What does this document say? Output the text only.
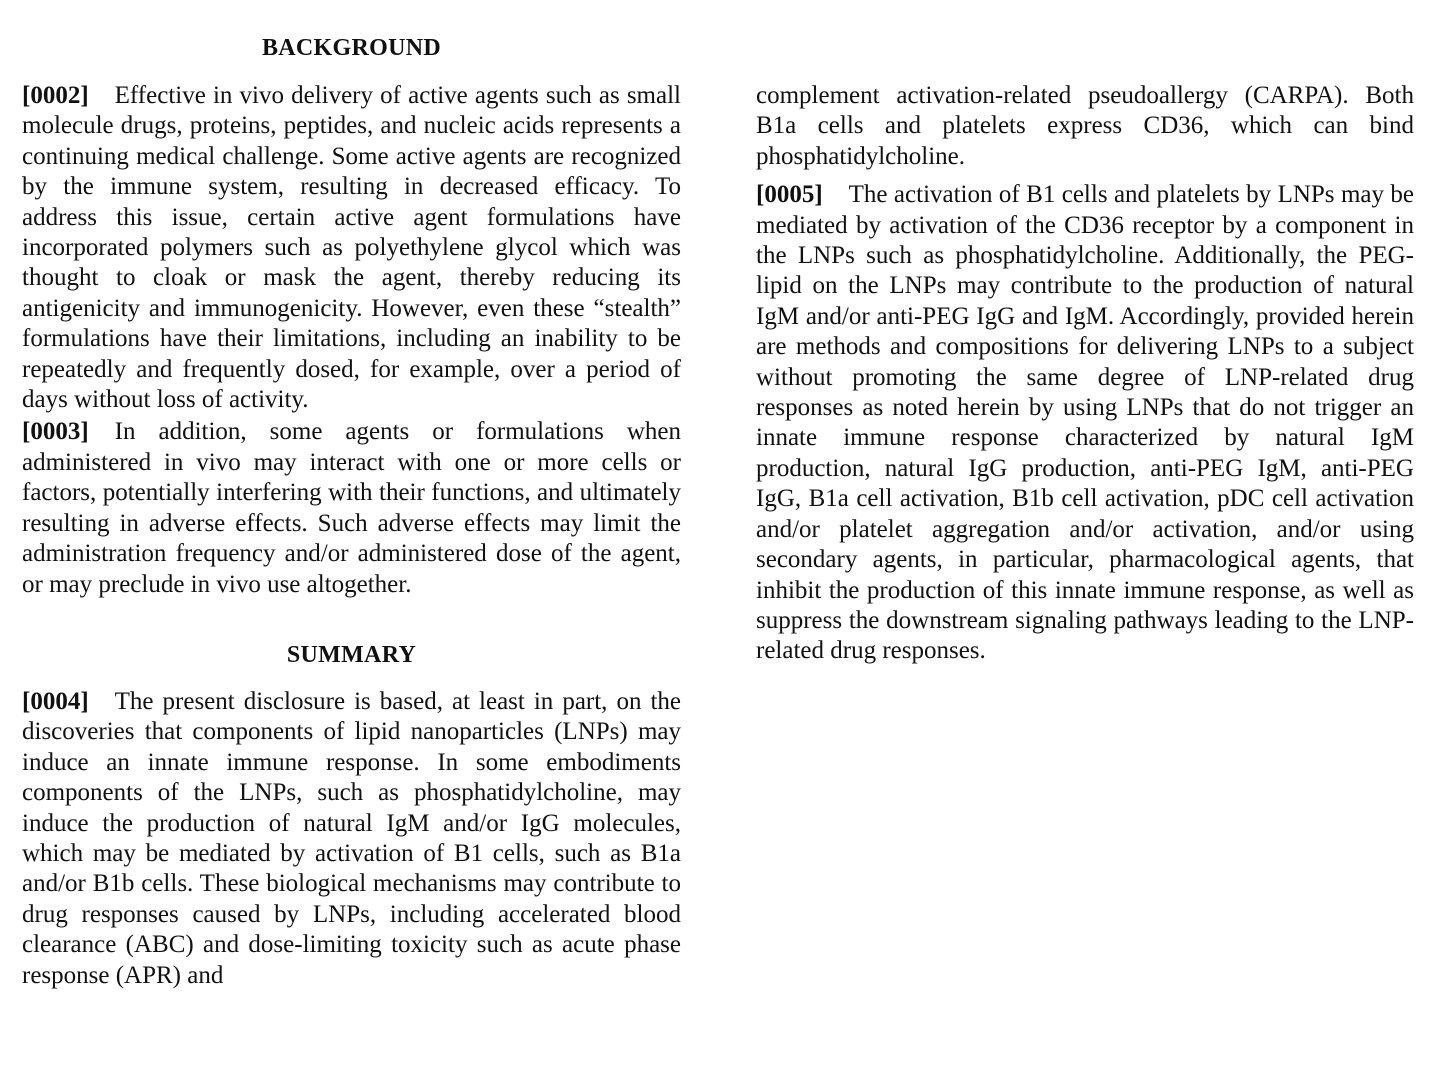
BACKGROUND

[0002] Effective in vivo delivery of active agents such as small molecule drugs, proteins, peptides, and nucleic acids represents a continuing medical challenge. Some active agents are recognized by the immune system, resulting in decreased efficacy. To address this issue, certain active agent formulations have incorporated polymers such as polyethylene glycol which was thought to cloak or mask the agent, thereby reducing its antigenicity and immunogenicity. However, even these “stealth” formulations have their limitations, including an inability to be repeatedly and frequently dosed, for example, over a period of days without loss of activity.

[0003] In addition, some agents or formulations when administered in vivo may interact with one or more cells or factors, potentially interfering with their functions, and ultimately resulting in adverse effects. Such adverse effects may limit the administration frequency and/or administered dose of the agent, or may preclude in vivo use altogether.

SUMMARY

[0004] The present disclosure is based, at least in part, on the discoveries that components of lipid nanoparticles (LNPs) may induce an innate immune response. In some embodiments components of the LNPs, such as phosphatidylcholine, may induce the production of natural IgM and/or IgG molecules, which may be mediated by activation of B1 cells, such as B1a and/or B1b cells. These biological mechanisms may contribute to drug responses caused by LNPs, including accelerated blood clearance (ABC) and dose-limiting toxicity such as acute phase response (APR) and

complement activation-related pseudoallergy (CARPA). Both B1a cells and platelets express CD36, which can bind phosphatidylcholine.

[0005] The activation of B1 cells and platelets by LNPs may be mediated by activation of the CD36 receptor by a component in the LNPs such as phosphatidylcholine. Additionally, the PEG-lipid on the LNPs may contribute to the production of natural IgM and/or anti-PEG IgG and IgM. Accordingly, provided herein are methods and compositions for delivering LNPs to a subject without promoting the same degree of LNP-related drug responses as noted herein by using LNPs that do not trigger an innate immune response characterized by natural IgM production, natural IgG production, anti-PEG IgM, anti-PEG IgG, B1a cell activation, B1b cell activation, pDC cell activation and/or platelet aggregation and/or activation, and/or using secondary agents, in particular, pharmacological agents, that inhibit the production of this innate immune response, as well as suppress the downstream signaling pathways leading to the LNP-related drug responses.
